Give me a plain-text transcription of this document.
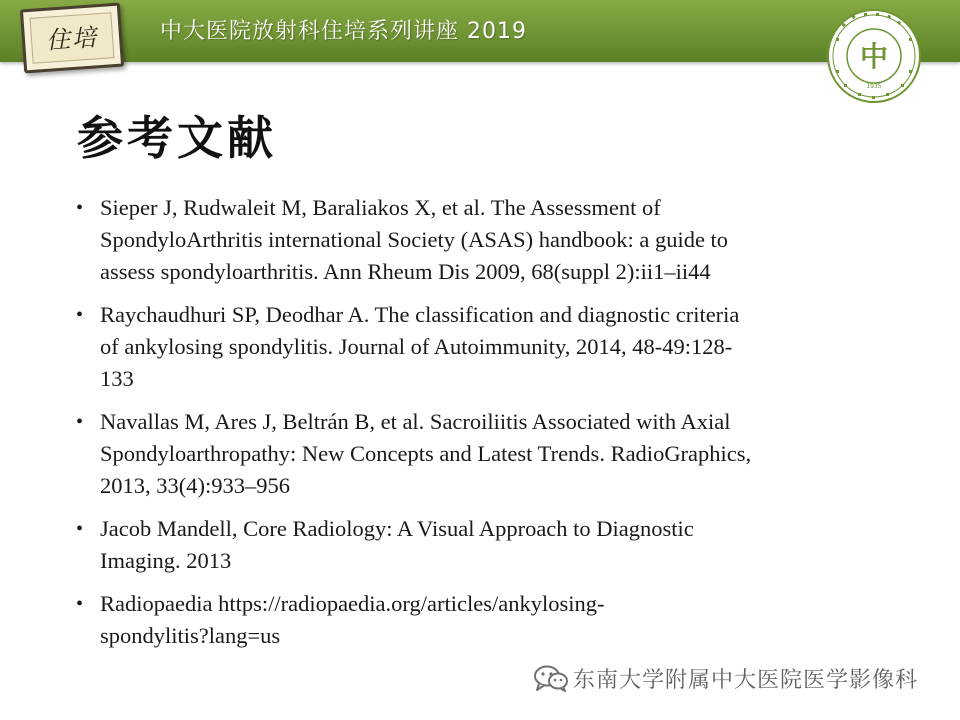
中大医院放射科住培系列讲座 2019
住培
中
1935
参考文献
• Sieper J, Rudwaleit M, Baraliakos X, et al. The Assessment of
SpondyloArthritis international Society (ASAS) handbook: a guide to
assess spondyloarthritis. Ann Rheum Dis 2009, 68(suppl 2):ii1–ii44
• Raychaudhuri SP, Deodhar A. The classification and diagnostic criteria
of ankylosing spondylitis. Journal of Autoimmunity, 2014, 48-49:128-
133
• Navallas M, Ares J, Beltrán B, et al. Sacroiliitis Associated with Axial
Spondyloarthropathy: New Concepts and Latest Trends. RadioGraphics,
2013, 33(4):933–956
• Jacob Mandell, Core Radiology: A Visual Approach to Diagnostic
Imaging. 2013
• Radiopaedia https://radiopaedia.org/articles/ankylosing-
spondylitis?lang=us
东南大学附属中大医院医学影像科
